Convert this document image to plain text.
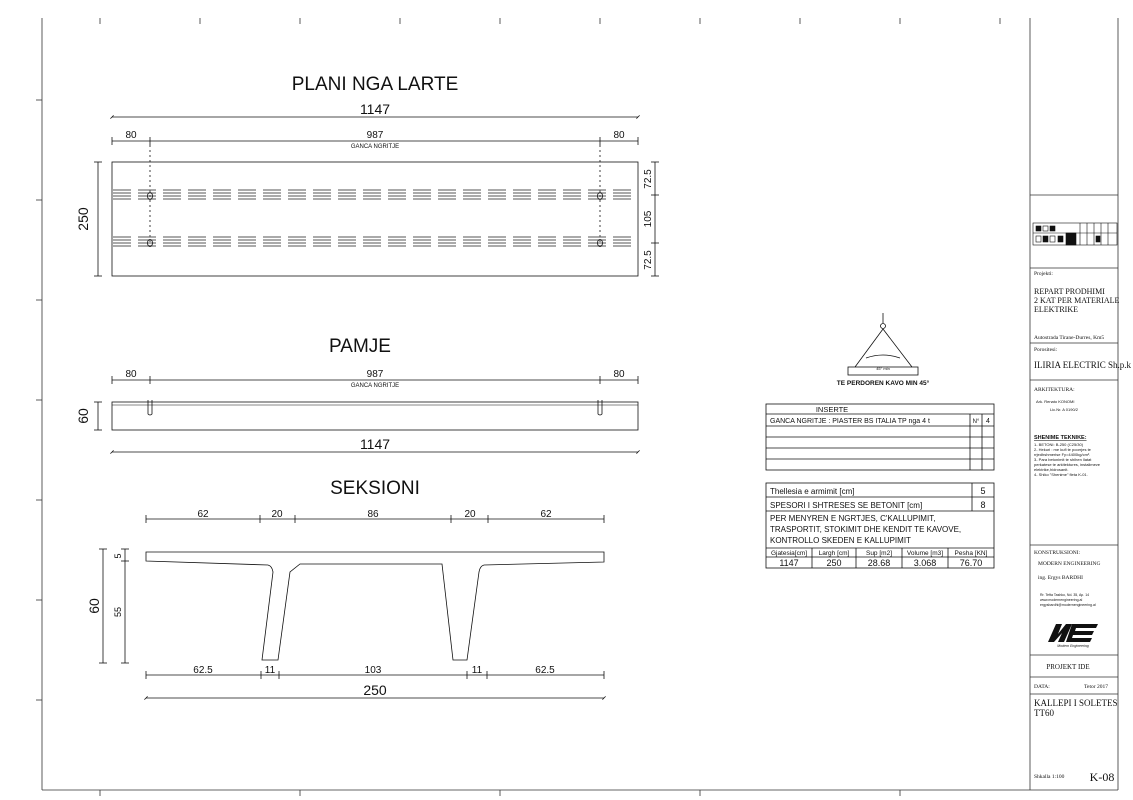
PLANI NGA LARTE
1147
80	987	80
GANCA NGRITJE
250
72.5
105
72.5
PAMJE
80	987	80
GANCA NGRITJE
60
1147
SEKSIONI
62	20	86	20	62
62.5	11	103	11	62.5
250
60
5
55
45° min
TE PERDOREN KAVO MIN 45°
INSERTE
GANCA NGRITJE : PIASTER BS ITALIA TP nga 4 t	N° 4
Thellesia e armimit [cm]	5
SPESORI I SHTRESES SE BETONIT [cm]	8
PER MENYREN E NGRTJES, C'KALLUPIMIT,
TRASPORTIT, STOKIMIT DHE KENDIT TE KAVOVE,
KONTROLLO SKEDEN E KALLUPIMIT
Gjatesia[cm] Largh [cm]	Sup [m2] Volume [m3] Pesha [KN]
1147	250	28.68	3.068	76.70
Projekti:
REPART PRODHIMI
2 KAT PER MATERIALE
ELEKTRIKE
Autostrada Tirane-Durres, Km5
Porositesi:
ILIRIA ELECTRIC Sh.p.k
ARKITEKTURA:
Ark. Renato KONOMI
Lic.Nr. A 0190/2
SHENIME TEKNIKE:
1- BETONI: B-250 (C25/30)
2- Hekuri : me kufi te poorrjes te
rrjedhshmerise Fy=4400kg/cm².
3- Para betonimit te shihen llatat
perkatese te arkitektures, instalimeve
elektrike,hidrosanit.
4- Shiko "Shenime" fleta K-01.
KONSTRUKSIONI:
MODERN ENGINEERING
ing. Ergys BARDHI
Rr. Tefta Tashko, Nd. 35, Ap. 14
www.modernengineering.al
ergysbardhi@modernengineering.al
Modern Engineering
PROJEKT IDE
DATA:	Tetor 2017
KALLEPI I SOLETES
TT60
Shkalla 1:100 K-08
